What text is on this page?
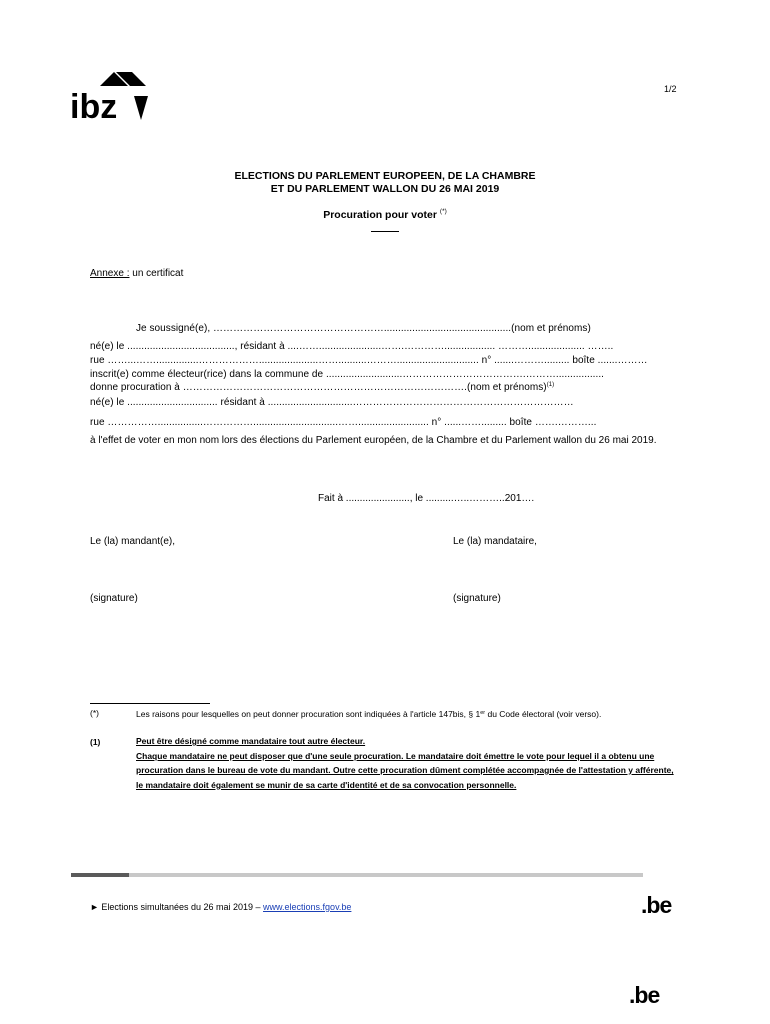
ibz	1/2
ELECTIONS DU PARLEMENT EUROPEEN, DE LA CHAMBRE
ET DU PARLEMENT WALLON DU 26 MAI 2019
Procuration pour voter (*)
Annexe : un certificat
Je soussigné(e), …………………………………………….............................................(nom et prénoms)
né(e) le ......................................, résidant à ....……......................…….………….................. ……….................... ……..
rue ……...……...............……………….....................……..........………............................. n° .......………......... boîte .......………
inscrit(e) comme électeur(rice) dans la commune de ...........................……………………………….……….................
donne procuration à ………………………………………………………………………….(nom et prénoms)$^{(1)}$
né(e) le ................................ résidant à ..............................…………………………………………………………
rue ……………................……………..............................……......................... n° ......……......... boîte …….………...
à l'effet de voter en mon nom lors des élections du Parlement européen, de la Chambre et du Parlement wallon du 26 mai 2019.
Fait à ......................., le ..........…..………..201….
Le (la) mandant(e),	Le (la) mandataire,
(signature)	(signature)
(*)	Les raisons pour lesquelles on peut donner procuration sont indiquées à l'article 147bis, § 1er du Code électoral (voir verso).
(1)	Peut être désigné comme mandataire tout autre électeur.
Chaque mandataire ne peut disposer que d'une seule procuration. Le mandataire doit émettre le vote pour lequel il a obtenu une procuration dans le bureau de vote du mandant. Outre cette procuration dûment complétée accompagnée de l'attestation y afférente, le mandataire doit également se munir de sa carte d'identité et de sa convocation personnelle.
► Elections simultanées du 26 mai 2019 – www.elections.fgov.be	.be
.be
